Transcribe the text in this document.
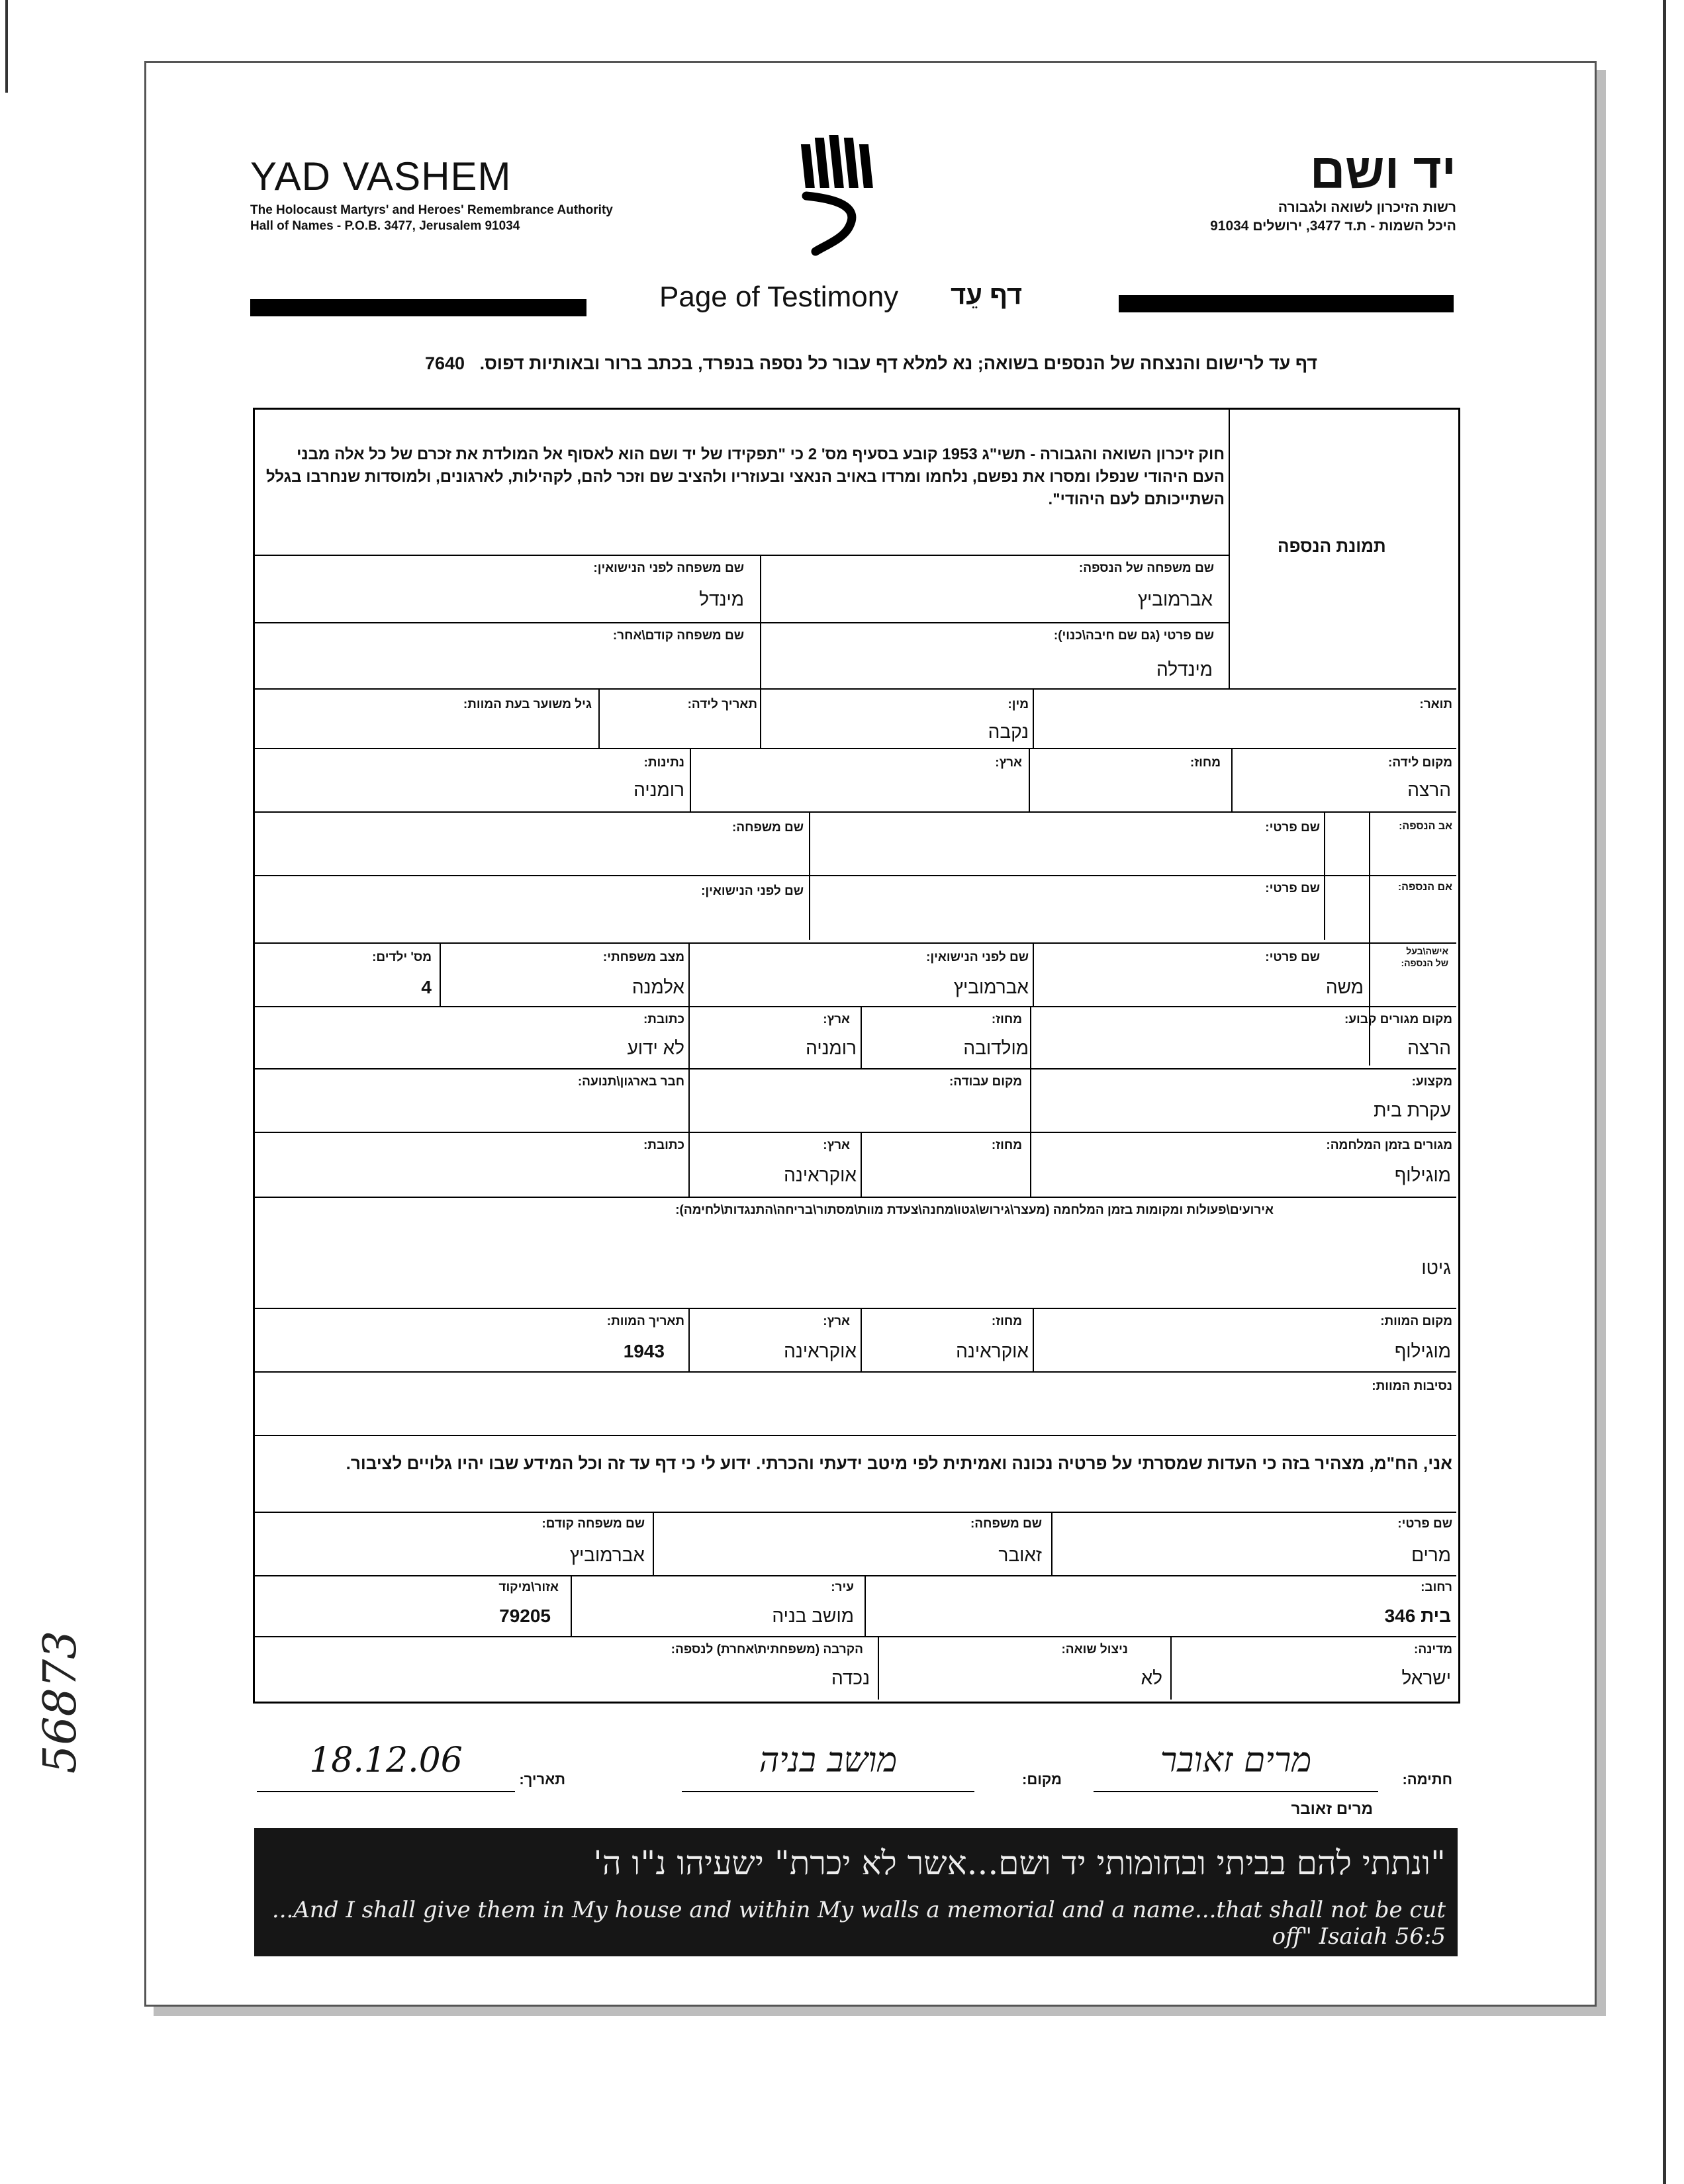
YAD VASHEM
The Holocaust Martyrs' and Heroes' Remembrance Authority
Hall of Names - P.O.B. 3477, Jerusalem 91034
יד ושם
רשות הזיכרון לשואה ולגבורה
היכל השמות - ת.ד 3477, ירושלים 91034
Page of Testimony דף עֵד
דף עד לרישום והנצחה של הנספים בשואה; נא למלא דף עבור כל נספה בנפרד, בכתב ברור ובאותיות דפוס.   7640
חוק זיכרון השואה והגבורה - תשי"ג 1953 קובע בסעיף מס' 2 כי "תפקידו של יד ושם הוא לאסוף אל המולדת את זכרם של כל אלה מבני העם היהודי שנפלו ומסרו את נפשם, נלחמו ומרדו באויב הנאצי ובעוזריו ולהציב שם וזכר להם, לקהילות, לארגונים, ולמוסדות שנחרבו בגלל השתייכותם לעם היהודי".
תמונת הנספה
שם משפחה של הנספה:
אברמוביץ
שם משפחה לפני הנישואין:
מינדל
שם פרטי (גם שם חיבה\כנוי):
מינדלה
שם משפחה קודם\אחר:
תואר:
מין:
נקבה
תאריך לידה:
גיל משוער בעת המוות:
מקום לידה:
הרצה
מחוז:
ארץ:
נתינות:
רומניה
אב הנספה:
שם פרטי:
שם משפחה:
אם הנספה:
שם פרטי:
שם לפני הנישואין:
אישה\בעל של הנספה:
שם פרטי:
משה
שם לפני הנישואין:
אברמוביץ
מצב משפחתי:
אלמנה
מס' ילדים:
4
מקום מגורים קבוע:
הרצה
מחוז:
מולדובה
ארץ:
רומניה
כתובת:
לא ידוע
מקצוע:
עקרת בית
מקום עבודה:
חבר בארגון\תנועה:
מגורים בזמן המלחמה:
מוגילוף
מחוז:
ארץ:
אוקראינה
כתובת:
אירועים\פעולות ומקומות בזמן המלחמה (מעצר\גירוש\גטו\מחנה\צעדת מוות\מסתור\בריחה\התנגדות\לחימה):
גיטו
מקום המוות:
מוגילוף
מחוז:
אוקראינה
ארץ:
אוקראינה
תאריך המוות:
1943
נסיבות המוות:
אני, הח"מ, מצהיר בזה כי העדות שמסרתי על פרטיה נכונה ואמיתית לפי מיטב ידעתי והכרתי. ידוע לי כי דף עד זה וכל המידע שבו יהיו גלויים לציבור.
שם פרטי:
מרים
שם משפחה:
זאובר
שם משפחה קודם:
אברמוביץ
רחוב:
בית 346
עיר:
מושב בניה
אזור\מיקוד
79205
מדינה:
ישראל
ניצול שואה:
לא
הקרבה (משפחתית\אחרת) לנספה:
נכדה
חתימה:
מרים זאובר
מרים זאובר
מקום:
מושב בניה
תאריך:
18.12.06
"ונתתי להם בביתי ובחומותי יד ושם...אשר לא יכרת" ישעיהו נ"ו ה'
...And I shall give them in My house and within My walls a memorial and a name...that shall not be cut off" Isaiah 56:5
56873
